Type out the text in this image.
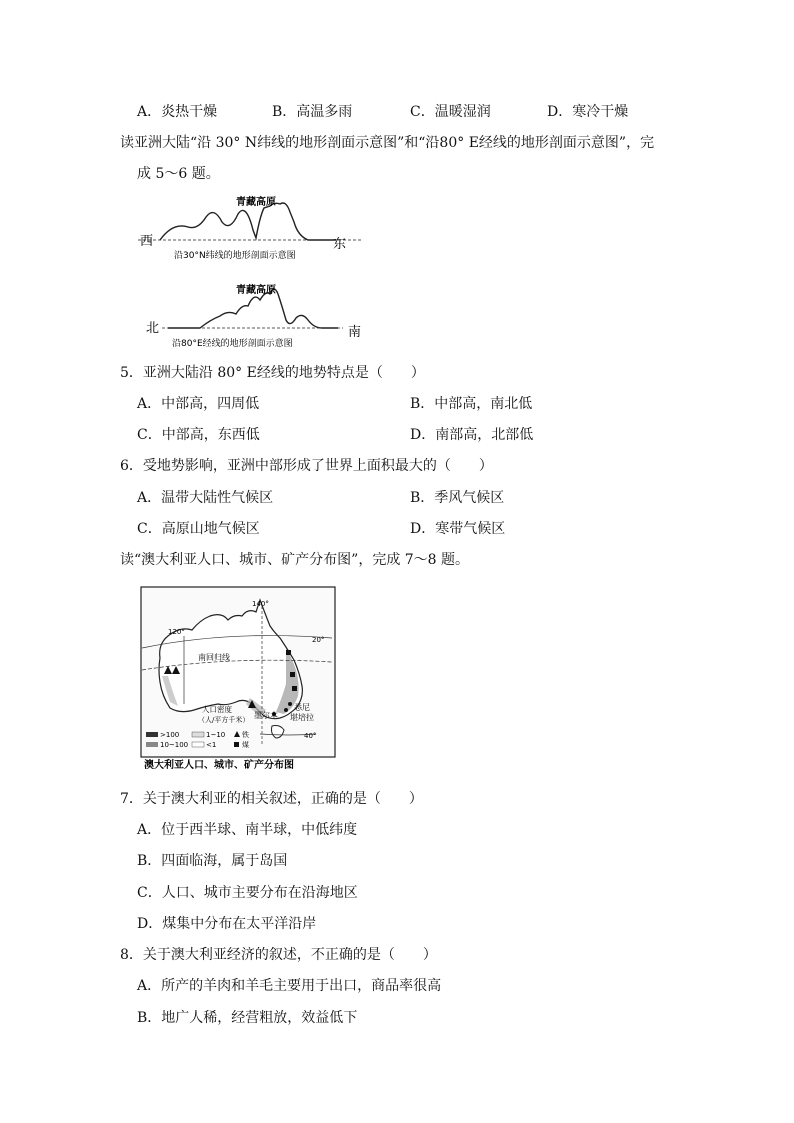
A．炎热干燥	B．高温多雨	C．温暖湿润	D．寒冷干燥
读亚洲大陆“沿 30° N纬线的地形剖面示意图”和“沿80° E经线的地形剖面示意图”，完
成 5～6 题。
青藏高原
西	东
沿30°N纬线的地形剖面示意图
青藏高原
北	南
沿80°E经线的地形剖面示意图
5．亚洲大陆沿 80° E经线的地势特点是（　　）
A．中部高，四周低	B．中部高，南北低
C．中部高，东西低	D．南部高，北部低
6．受地势影响，亚洲中部形成了世界上面积最大的（　　）
A．温带大陆性气候区	B．季风气候区
C．高原山地气候区	D．寒带气候区
读“澳大利亚人口、城市、矿产分布图”，完成 7～8 题。
120°
140°
20°
40°
南回归线
悉尼
墨尔本 堪培拉
人口密度
（人/平方千米）
>100	1~10 铁
10~100	<1	煤
澳大利亚人口、城市、矿产分布图
7．关于澳大利亚的相关叙述，正确的是（　　）
A．位于西半球、南半球，中低纬度
B．四面临海，属于岛国
C．人口、城市主要分布在沿海地区
D．煤集中分布在太平洋沿岸
8．关于澳大利亚经济的叙述，不正确的是（　　）
A．所产的羊肉和羊毛主要用于出口，商品率很高
B．地广人稀，经营粗放，效益低下
